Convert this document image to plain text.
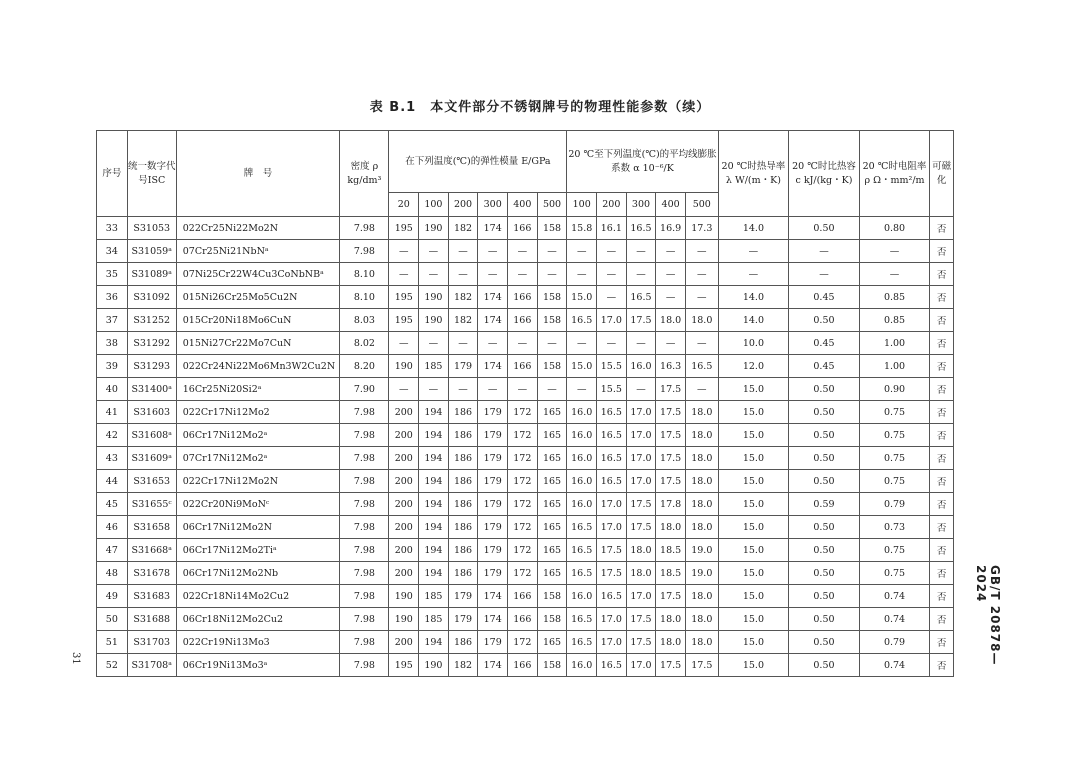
表 B.1　本文件部分不锈钢牌号的物理性能参数（续）
序号	统一数字代号ISC	牌　号	密度 ρ kg/dm³	在下列温度(℃)的弹性模量 E/GPa						20 ℃至下列温度(℃)的平均线膨胀系数 α 10⁻⁶/K					20 ℃时热导率 λ W/(m・K)	20 ℃时比热容 c kJ/(kg・K)	20 ℃时电阻率 ρ Ω・mm²/m	可磁化
				20	100	200	300	400	500	100	200	300	400	500				
33	S31053	022Cr25Ni22Mo2N	7.98	195	190	182	174	166	158	15.8	16.1	16.5	16.9	17.3	14.0	0.50	0.80	否
34	S31059ᵃ	07Cr25Ni21NbNᵃ	7.98	—	—	—	—	—	—	—	—	—	—	—	—	—	—	否
35	S31089ᵃ	07Ni25Cr22W4Cu3CoNbNBᵃ	8.10	—	—	—	—	—	—	—	—	—	—	—	—	—	—	否
36	S31092	015Ni26Cr25Mo5Cu2N	8.10	195	190	182	174	166	158	15.0	—	16.5	—	—	14.0	0.45	0.85	否
37	S31252	015Cr20Ni18Mo6CuN	8.03	195	190	182	174	166	158	16.5	17.0	17.5	18.0	18.0	14.0	0.50	0.85	否
38	S31292	015Ni27Cr22Mo7CuN	8.02	—	—	—	—	—	—	—	—	—	—	—	10.0	0.45	1.00	否
39	S31293	022Cr24Ni22Mo6Mn3W2Cu2N	8.20	190	185	179	174	166	158	15.0	15.5	16.0	16.3	16.5	12.0	0.45	1.00	否
40	S31400ᵃ	16Cr25Ni20Si2ᵃ	7.90	—	—	—	—	—	—	—	15.5	—	17.5	—	15.0	0.50	0.90	否
41	S31603	022Cr17Ni12Mo2	7.98	200	194	186	179	172	165	16.0	16.5	17.0	17.5	18.0	15.0	0.50	0.75	否
42	S31608ᵃ	06Cr17Ni12Mo2ᵃ	7.98	200	194	186	179	172	165	16.0	16.5	17.0	17.5	18.0	15.0	0.50	0.75	否
43	S31609ᵃ	07Cr17Ni12Mo2ᵃ	7.98	200	194	186	179	172	165	16.0	16.5	17.0	17.5	18.0	15.0	0.50	0.75	否
44	S31653	022Cr17Ni12Mo2N	7.98	200	194	186	179	172	165	16.0	16.5	17.0	17.5	18.0	15.0	0.50	0.75	否
45	S31655ᶜ	022Cr20Ni9MoNᶜ	7.98	200	194	186	179	172	165	16.0	17.0	17.5	17.8	18.0	15.0	0.59	0.79	否
46	S31658	06Cr17Ni12Mo2N	7.98	200	194	186	179	172	165	16.5	17.0	17.5	18.0	18.0	15.0	0.50	0.73	否
47	S31668ᵃ	06Cr17Ni12Mo2Tiᵃ	7.98	200	194	186	179	172	165	16.5	17.5	18.0	18.5	19.0	15.0	0.50	0.75	否
48	S31678	06Cr17Ni12Mo2Nb	7.98	200	194	186	179	172	165	16.5	17.5	18.0	18.5	19.0	15.0	0.50	0.75	否
49	S31683	022Cr18Ni14Mo2Cu2	7.98	190	185	179	174	166	158	16.0	16.5	17.0	17.5	18.0	15.0	0.50	0.74	否
50	S31688	06Cr18Ni12Mo2Cu2	7.98	190	185	179	174	166	158	16.5	17.0	17.5	18.0	18.0	15.0	0.50	0.74	否
51	S31703	022Cr19Ni13Mo3	7.98	200	194	186	179	172	165	16.5	17.0	17.5	18.0	18.0	15.0	0.50	0.79	否
52	S31708ᵃ	06Cr19Ni13Mo3ᵃ	7.98	195	190	182	174	166	158	16.0	16.5	17.0	17.5	17.5	15.0	0.50	0.74	否
GB/T 20878—2024
31
